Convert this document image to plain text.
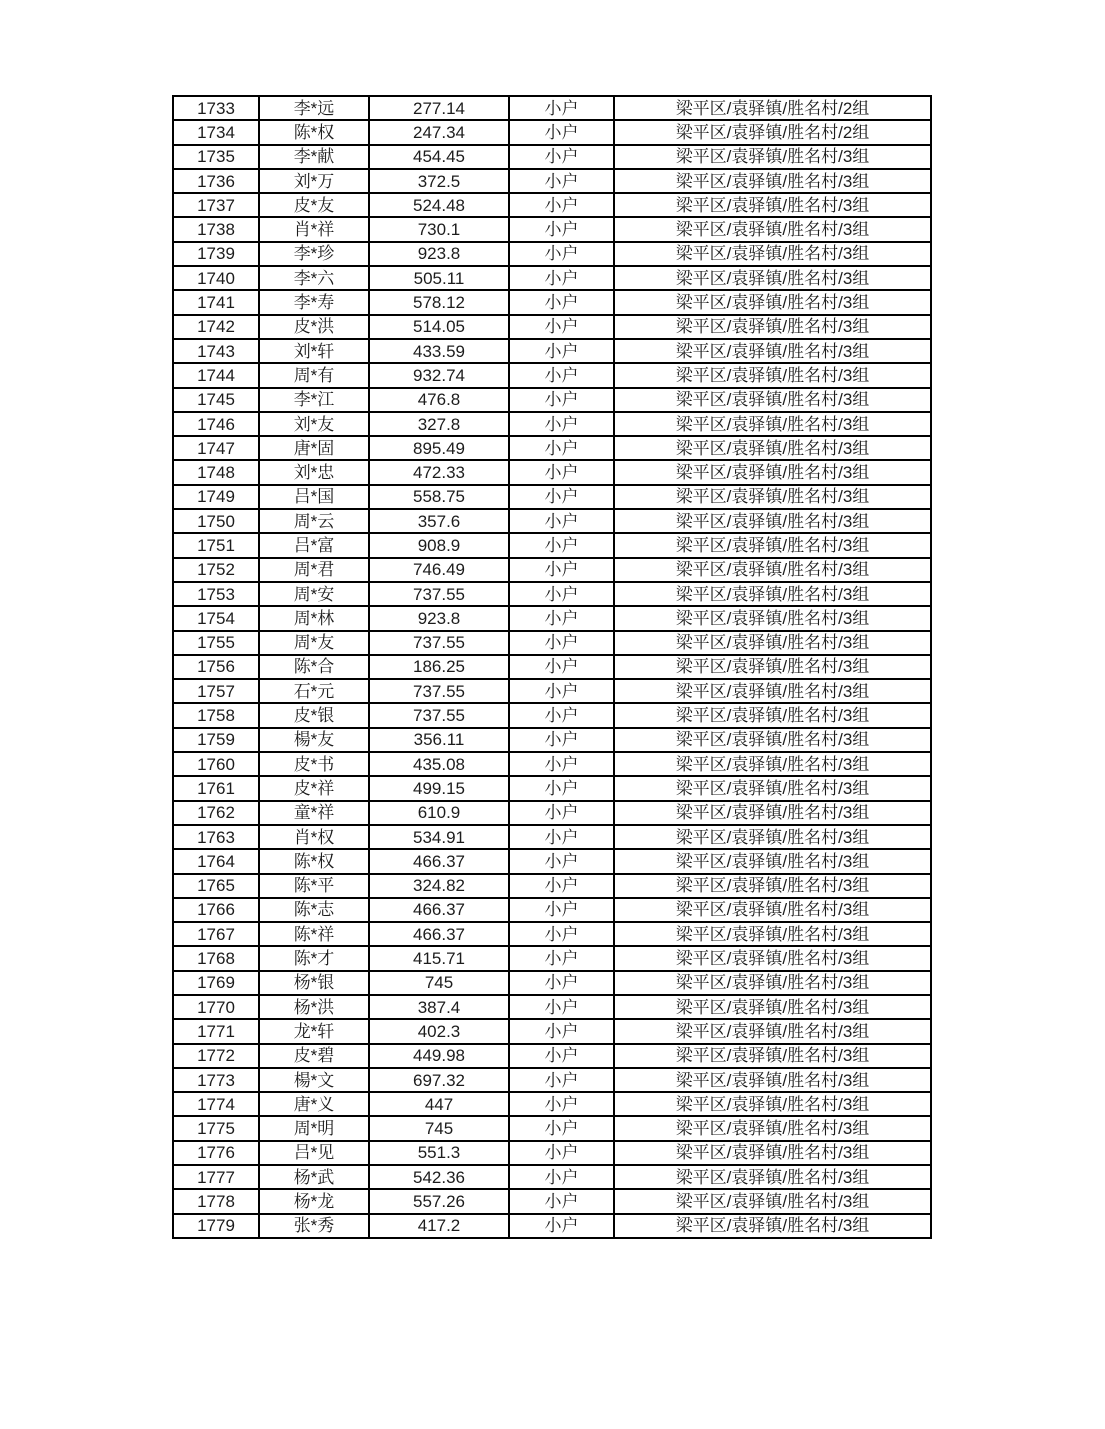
1733	李*远	277.14	小户	梁平区/袁驿镇/胜名村/2组
1734	陈*权	247.34	小户	梁平区/袁驿镇/胜名村/2组
1735	李*献	454.45	小户	梁平区/袁驿镇/胜名村/3组
1736	刘*万	372.5	小户	梁平区/袁驿镇/胜名村/3组
1737	皮*友	524.48	小户	梁平区/袁驿镇/胜名村/3组
1738	肖*祥	730.1	小户	梁平区/袁驿镇/胜名村/3组
1739	李*珍	923.8	小户	梁平区/袁驿镇/胜名村/3组
1740	李*六	505.11	小户	梁平区/袁驿镇/胜名村/3组
1741	李*寿	578.12	小户	梁平区/袁驿镇/胜名村/3组
1742	皮*洪	514.05	小户	梁平区/袁驿镇/胜名村/3组
1743	刘*轩	433.59	小户	梁平区/袁驿镇/胜名村/3组
1744	周*有	932.74	小户	梁平区/袁驿镇/胜名村/3组
1745	李*江	476.8	小户	梁平区/袁驿镇/胜名村/3组
1746	刘*友	327.8	小户	梁平区/袁驿镇/胜名村/3组
1747	唐*固	895.49	小户	梁平区/袁驿镇/胜名村/3组
1748	刘*忠	472.33	小户	梁平区/袁驿镇/胜名村/3组
1749	吕*国	558.75	小户	梁平区/袁驿镇/胜名村/3组
1750	周*云	357.6	小户	梁平区/袁驿镇/胜名村/3组
1751	吕*富	908.9	小户	梁平区/袁驿镇/胜名村/3组
1752	周*君	746.49	小户	梁平区/袁驿镇/胜名村/3组
1753	周*安	737.55	小户	梁平区/袁驿镇/胜名村/3组
1754	周*林	923.8	小户	梁平区/袁驿镇/胜名村/3组
1755	周*友	737.55	小户	梁平区/袁驿镇/胜名村/3组
1756	陈*合	186.25	小户	梁平区/袁驿镇/胜名村/3组
1757	石*元	737.55	小户	梁平区/袁驿镇/胜名村/3组
1758	皮*银	737.55	小户	梁平区/袁驿镇/胜名村/3组
1759	楊*友	356.11	小户	梁平区/袁驿镇/胜名村/3组
1760	皮*书	435.08	小户	梁平区/袁驿镇/胜名村/3组
1761	皮*祥	499.15	小户	梁平区/袁驿镇/胜名村/3组
1762	童*祥	610.9	小户	梁平区/袁驿镇/胜名村/3组
1763	肖*权	534.91	小户	梁平区/袁驿镇/胜名村/3组
1764	陈*权	466.37	小户	梁平区/袁驿镇/胜名村/3组
1765	陈*平	324.82	小户	梁平区/袁驿镇/胜名村/3组
1766	陈*志	466.37	小户	梁平区/袁驿镇/胜名村/3组
1767	陈*祥	466.37	小户	梁平区/袁驿镇/胜名村/3组
1768	陈*才	415.71	小户	梁平区/袁驿镇/胜名村/3组
1769	杨*银	745	小户	梁平区/袁驿镇/胜名村/3组
1770	杨*洪	387.4	小户	梁平区/袁驿镇/胜名村/3组
1771	龙*轩	402.3	小户	梁平区/袁驿镇/胜名村/3组
1772	皮*碧	449.98	小户	梁平区/袁驿镇/胜名村/3组
1773	楊*文	697.32	小户	梁平区/袁驿镇/胜名村/3组
1774	唐*义	447	小户	梁平区/袁驿镇/胜名村/3组
1775	周*明	745	小户	梁平区/袁驿镇/胜名村/3组
1776	吕*见	551.3	小户	梁平区/袁驿镇/胜名村/3组
1777	杨*武	542.36	小户	梁平区/袁驿镇/胜名村/3组
1778	杨*龙	557.26	小户	梁平区/袁驿镇/胜名村/3组
1779	张*秀	417.2	小户	梁平区/袁驿镇/胜名村/3组
